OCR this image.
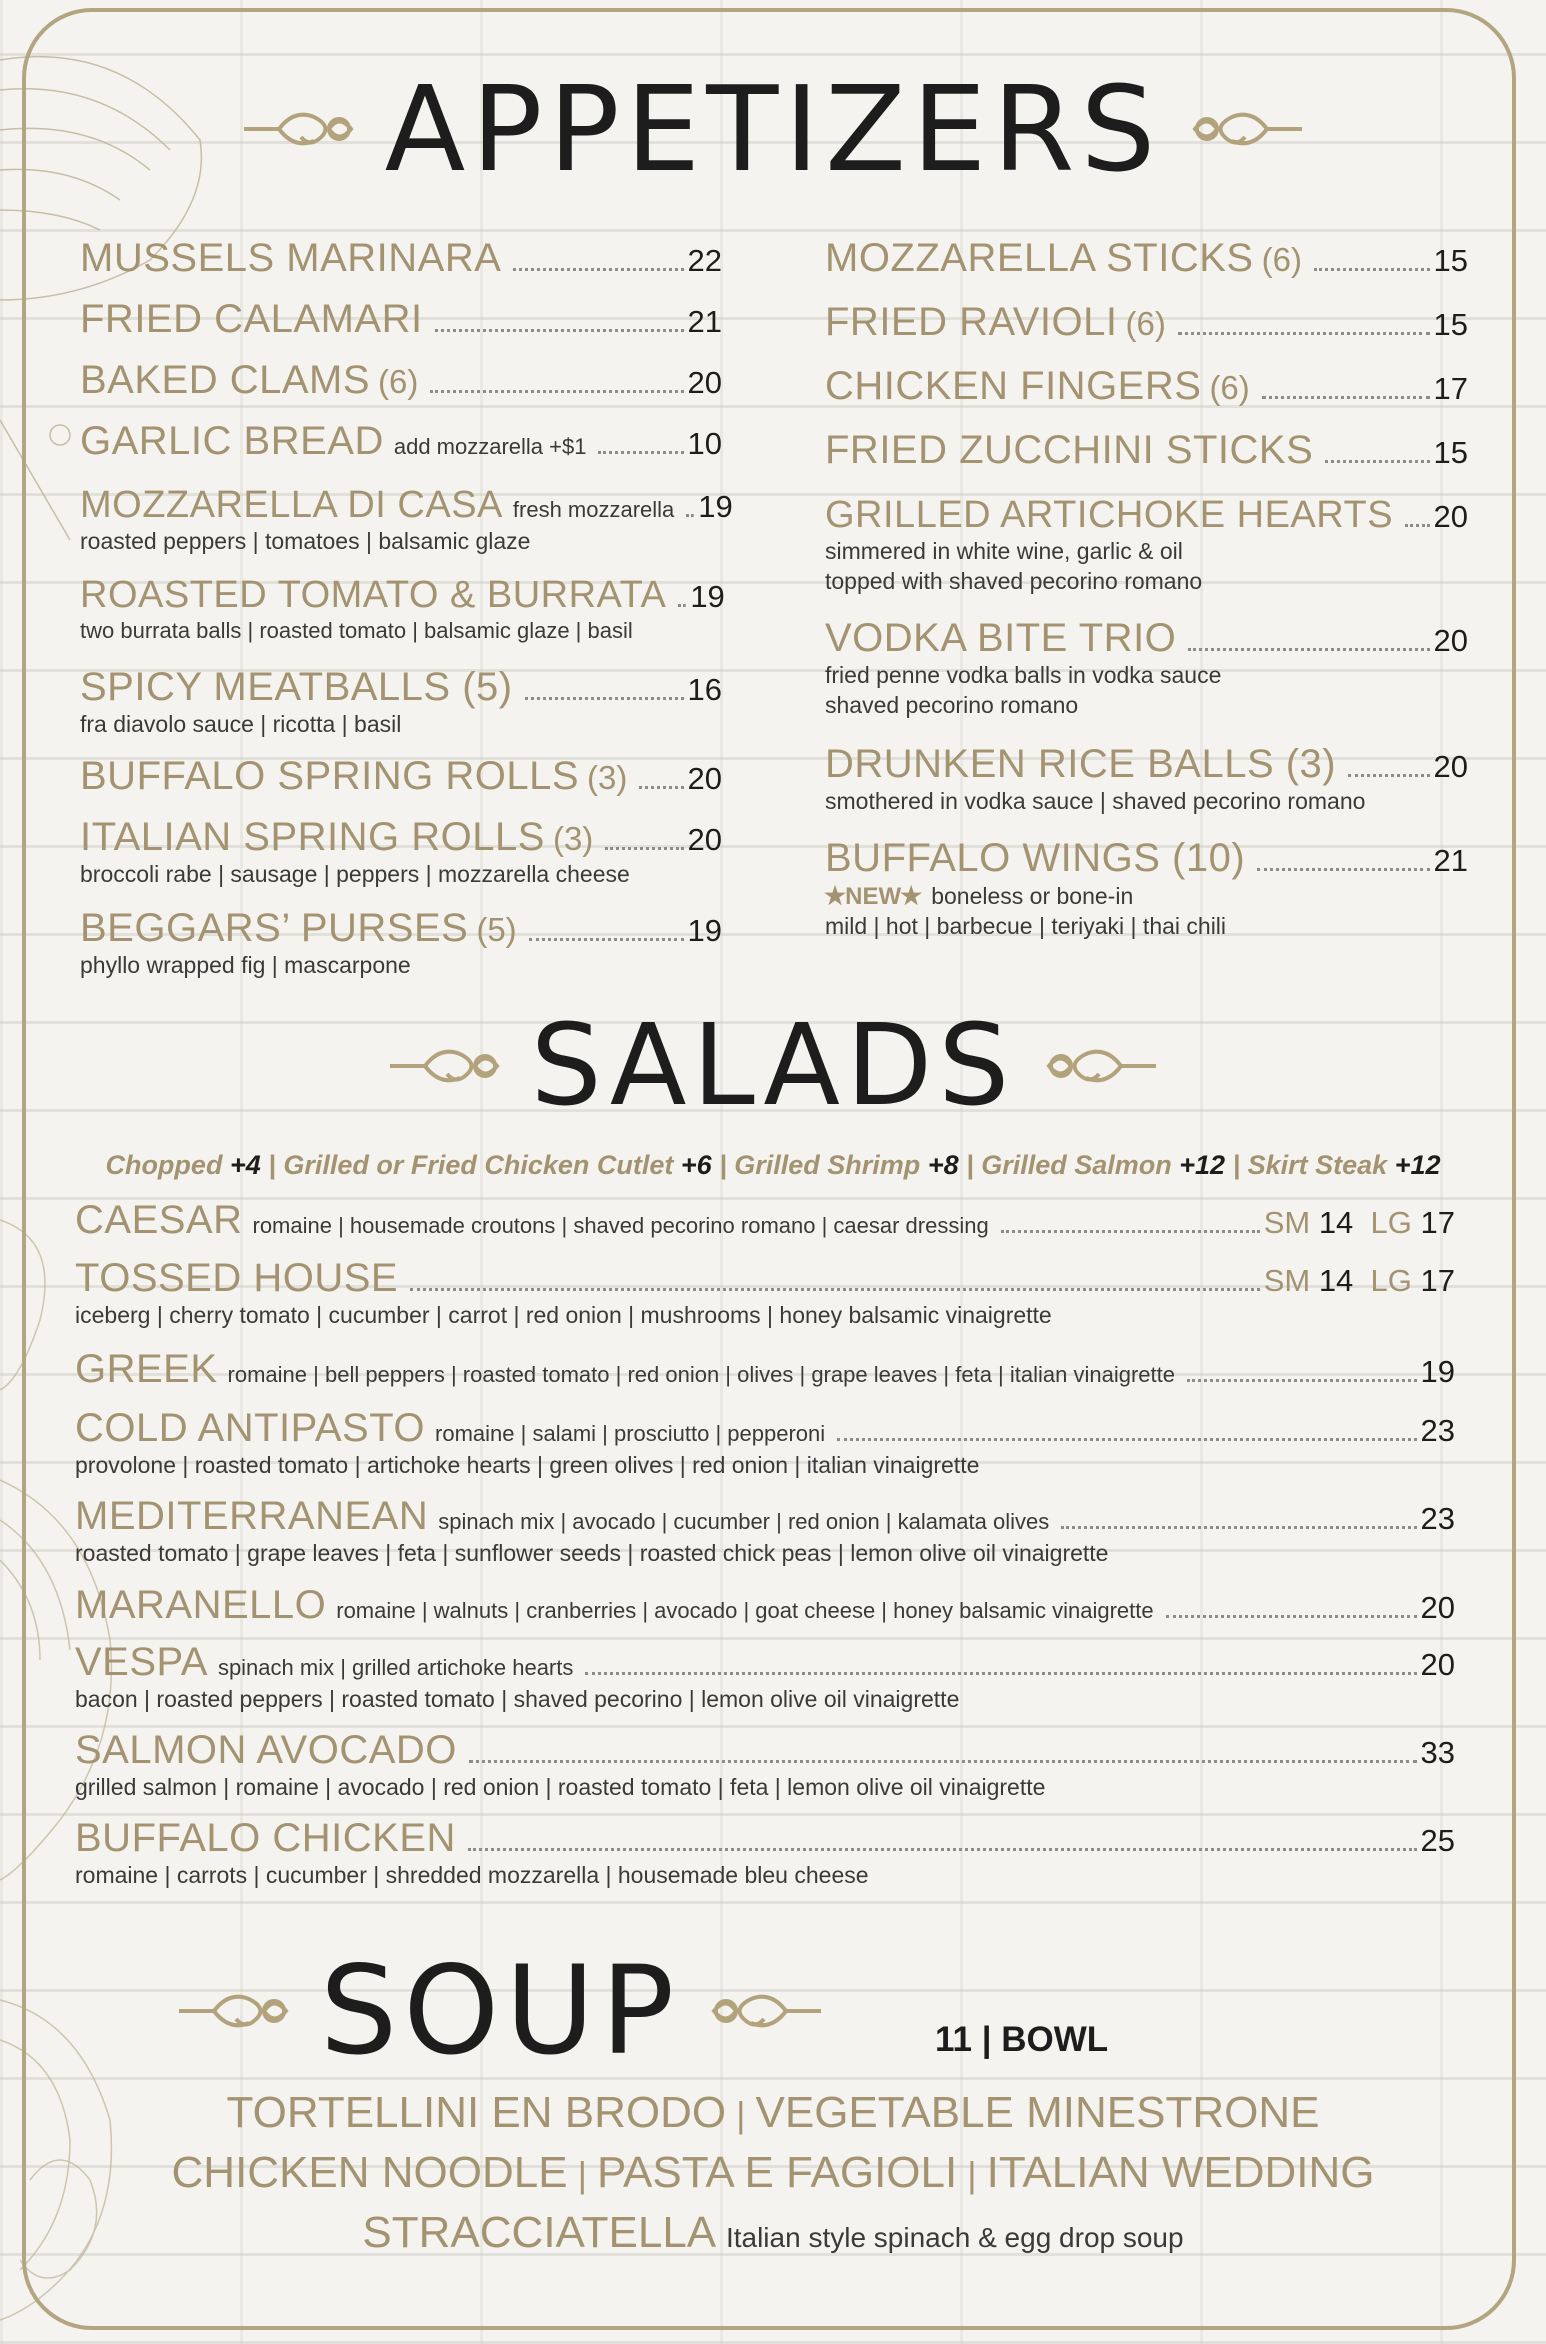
APPETIZERS
MUSSELS MARINARA	22
FRIED CALAMARI	21
BAKED CLAMS (6)	20
GARLIC BREAD add mozzarella +$1	10
MOZZARELLA DI CASA fresh mozzarella 19
roasted peppers | tomatoes | balsamic glaze
ROASTED TOMATO & BURRATA 19
two burrata balls | roasted tomato | balsamic glaze | basil
SPICY MEATBALLS (5)	16
fra diavolo sauce | ricotta | basil
BUFFALO SPRING ROLLS (3) 20
ITALIAN SPRING ROLLS (3)	20
broccoli rabe | sausage | peppers | mozzarella cheese
BEGGARS’ PURSES (5)	19
phyllo wrapped fig | mascarpone
MOZZARELLA STICKS (6)	15
FRIED RAVIOLI (6)	15
CHICKEN FINGERS (6)	17
FRIED ZUCCHINI STICKS	15
GRILLED ARTICHOKE HEARTS 20
simmered in white wine, garlic & oil
topped with shaved pecorino romano
VODKA BITE TRIO	20
fried penne vodka balls in vodka sauce
shaved pecorino romano
DRUNKEN RICE BALLS (3)	20
smothered in vodka sauce | shaved pecorino romano
BUFFALO WINGS (10)	21
✭NEW✭ boneless or bone-in
mild | hot | barbecue | teriyaki | thai chili
SALADS
Chopped +4 | Grilled or Fried Chicken Cutlet +6 | Grilled Shrimp +8 | Grilled Salmon +12 | Skirt Steak +12
CAESAR romaine | housemade croutons | shaved pecorino romano | caesar dressing	SM 14 LG 17
TOSSED HOUSE	SM 14 LG 17
iceberg | cherry tomato | cucumber | carrot | red onion | mushrooms | honey balsamic vinaigrette
GREEK romaine | bell peppers | roasted tomato | red onion | olives | grape leaves | feta | italian vinaigrette	19
COLD ANTIPASTO romaine | salami | prosciutto | pepperoni	23
provolone | roasted tomato | artichoke hearts | green olives | red onion | italian vinaigrette
MEDITERRANEAN spinach mix | avocado | cucumber | red onion | kalamata olives	23
roasted tomato | grape leaves | feta | sunflower seeds | roasted chick peas | lemon olive oil vinaigrette
MARANELLO romaine | walnuts | cranberries | avocado | goat cheese | honey balsamic vinaigrette	20
VESPA spinach mix | grilled artichoke hearts	20
bacon | roasted peppers | roasted tomato | shaved pecorino | lemon olive oil vinaigrette
SALMON AVOCADO	33
grilled salmon | romaine | avocado | red onion | roasted tomato | feta | lemon olive oil vinaigrette
BUFFALO CHICKEN	25
romaine | carrots | cucumber | shredded mozzarella | housemade bleu cheese
SOUP	11 | BOWL
TORTELLINI EN BRODO | VEGETABLE MINESTRONE
CHICKEN NOODLE | PASTA E FAGIOLI | ITALIAN WEDDING
STRACCIATELLA Italian style spinach & egg drop soup
